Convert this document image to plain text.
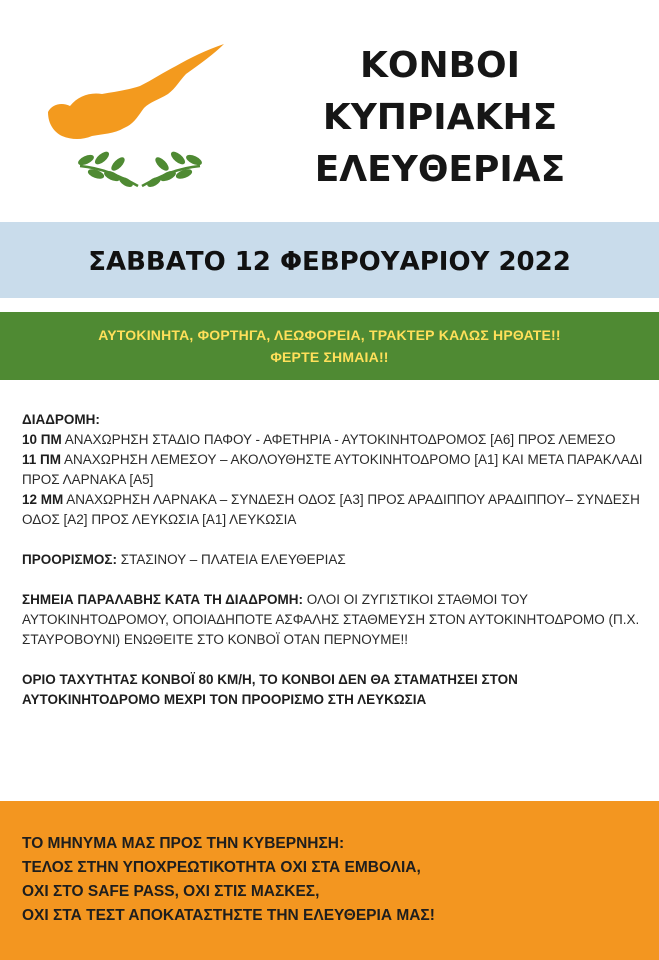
ΚΟΝΒΟΙ
ΚΥΠΡΙΑΚΗΣ
ΕΛΕΥΘΕΡΙΑΣ
ΣΑΒΒΑΤΟ 12 ΦΕΒΡΟΥΑΡΙΟΥ 2022
ΑΥΤΟΚΙΝΗΤΑ, ΦΟΡΤΗΓΑ, ΛΕΩΦΟΡΕΙΑ, ΤΡΑΚΤΕΡ ΚΑΛΩΣ ΗΡΘΑΤΕ!!
ΦΕΡΤΕ ΣΗΜΑΙΑ!!

ΔΙΑΔΡΟΜΗ:

10 ΠΜ ΑΝΑΧΩΡΗΣΗ ΣΤΑΔΙΟ ΠΑΦΟΥ - ΑΦΕΤΗΡΙΑ - ΑΥΤΟΚΙΝΗΤΟΔΡΟΜΟΣ [Α6] ΠΡΟΣ ΛΕΜΕΣΟ

11 ΠΜ ΑΝΑΧΩΡΗΣΗ ΛΕΜΕΣΟΥ – ΑΚΟΛΟΥΘΗΣΤΕ ΑΥΤΟΚΙΝΗΤΟΔΡΟΜΟ [Α1] ΚΑΙ ΜΕΤΑ ΠΑΡΑΚΛΑΔΙ ΠΡΟΣ ΛΑΡΝΑΚΑ [Α5]

12 ΜΜ ΑΝΑΧΩΡΗΣΗ ΛΑΡΝΑΚΑ – ΣΥΝΔΕΣΗ ΟΔΟΣ [Α3] ΠΡΟΣ ΑΡΑΔΙΠΠΟΥ ΑΡΑΔΙΠΠΟΥ– ΣΥΝΔΕΣΗ ΟΔΟΣ [Α2] ΠΡΟΣ ΛΕΥΚΩΣΙΑ [Α1] ΛΕΥΚΩΣΙΑ

ΠΡΟΟΡΙΣΜΟΣ: ΣΤΑΣΙΝΟΥ – ΠΛΑΤΕΙΑ ΕΛΕΥΘΕΡΙΑΣ

ΣΗΜΕΙΑ ΠΑΡΑΛΑΒΗΣ ΚΑΤΑ ΤΗ ΔΙΑΔΡΟΜΗ: ΟΛΟΙ ΟΙ ΖΥΓΙΣΤΙΚΟΙ ΣΤΑΘΜΟΙ ΤΟΥ ΑΥΤΟΚΙΝΗΤΟΔΡΟΜΟΥ, ΟΠΟΙΑΔΗΠΟΤΕ ΑΣΦΑΛΗΣ ΣΤΑΘΜΕΥΣΗ ΣΤΟΝ ΑΥΤΟΚΙΝΗΤΟΔΡΟΜΟ (Π.Χ. ΣΤΑΥΡΟΒΟΥΝΙ) ΕΝΩΘΕΙΤΕ ΣΤΟ ΚΟΝΒΟΪ ΟΤΑΝ ΠΕΡΝΟΥΜΕ!!

ΟΡΙΟ ΤΑΧΥΤΗΤΑΣ ΚΟΝΒΟΪ 80 ΚΜ/Η, ΤΟ ΚΟΝΒΟΙ ΔΕΝ ΘΑ ΣΤΑΜΑΤΗΣΕΙ ΣΤΟΝ ΑΥΤΟΚΙΝΗΤΟΔΡΟΜΟ ΜΕΧΡΙ ΤΟΝ ΠΡΟΟΡΙΣΜΟ ΣΤΗ ΛΕΥΚΩΣΙΑ

ΤΟ ΜΗΝΥΜΑ ΜΑΣ ΠΡΟΣ ΤΗΝ ΚΥΒΕΡΝΗΣΗ:
ΤΕΛΟΣ ΣΤΗΝ ΥΠΟΧΡΕΩΤΙΚΟΤΗΤΑ ΟΧΙ ΣΤΑ ΕΜΒΟΛΙΑ,
ΟΧΙ ΣΤΟ SAFE PASS, ΟΧΙ ΣΤΙΣ ΜΑΣΚΕΣ,
ΟΧΙ ΣΤΑ ΤΕΣΤ ΑΠΟΚΑΤΑΣΤΗΣΤΕ ΤΗΝ ΕΛΕΥΘΕΡΙΑ ΜΑΣ!
